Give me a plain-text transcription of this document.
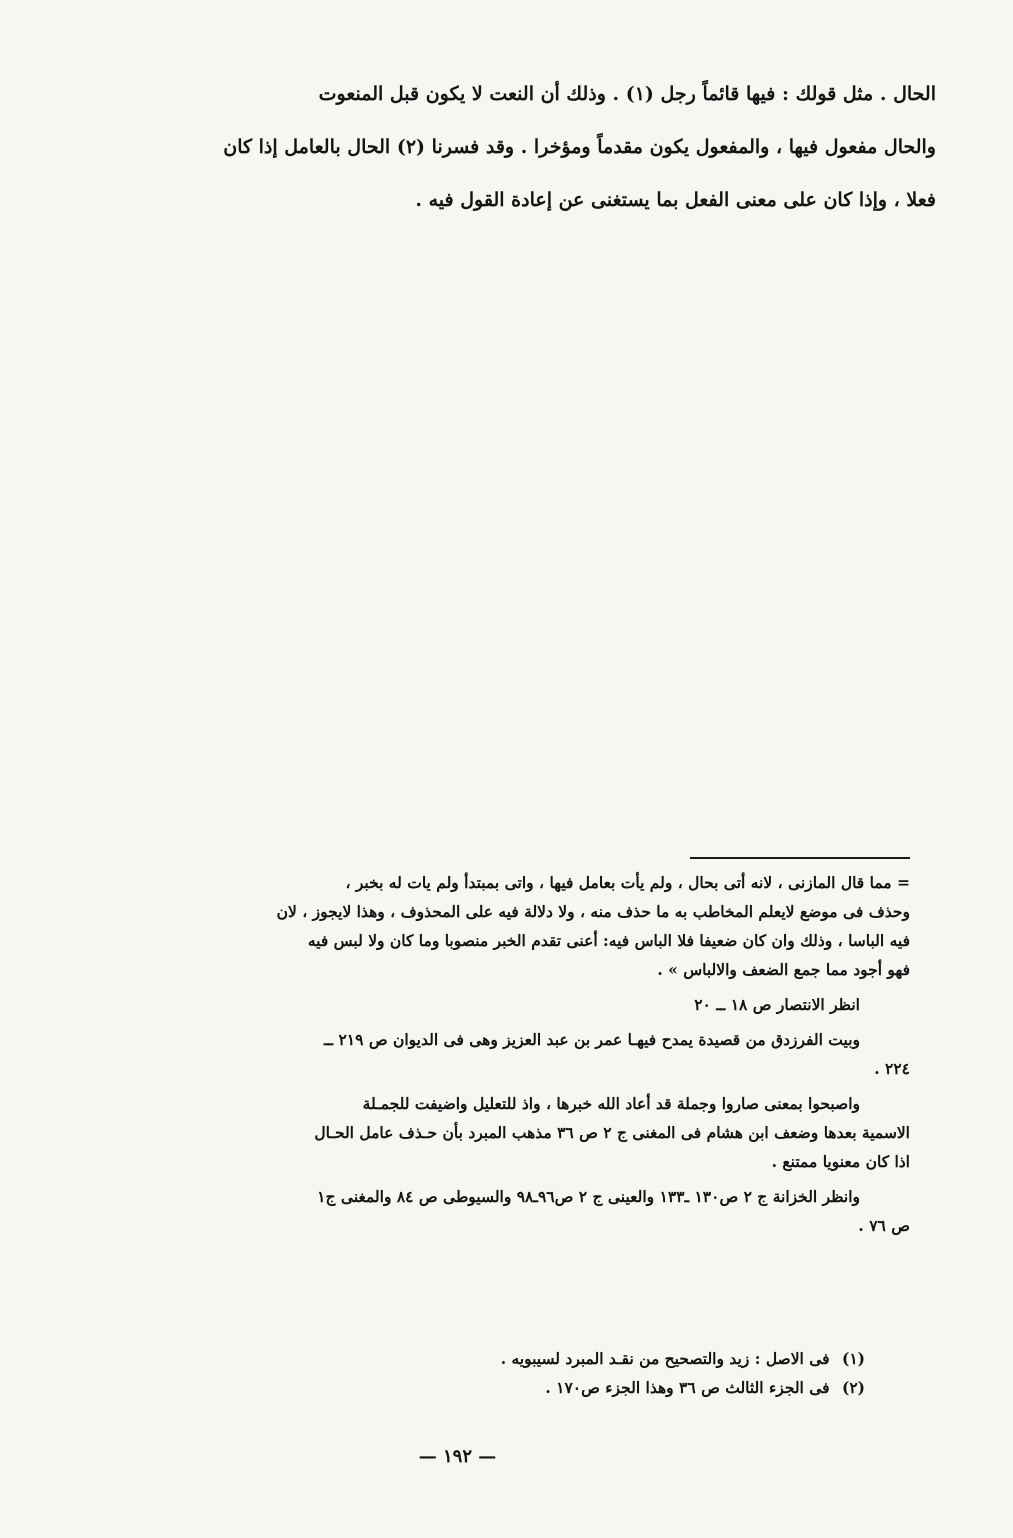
الحال . مثل قولك : فيها قائماً رجل (١) . وذلك أن النعت لا يكون قبل المنعوت
والحال مفعول فيها ، والمفعول يكون مقدماً ومؤخرا . وقد فسرنا (٢) الحال بالعامل إذا كان
فعلا ، وإذا كان على معنى الفعل بما يستغنى عن إعادة القول فيه .
= مما قال المازنى ، لانه أتى بحال ، ولم يأت بعامل فيها ، واتى بمبتدأ ولم يات له بخبر ،
وحذف فى موضع لايعلم المخاطب به ما حذف منه ، ولا دلالة فيه على المحذوف ، وهذا لايجوز ، لان
فيه الباسا ، وذلك وان كان ضعيفا فلا الباس فيه: أعنى تقدم الخبر منصوبا وما كان ولا لبس فيه
فهو أجود مما جمع الضعف والالباس » .
انظر الانتصار ص ١٨ ــ ٢٠
وبيت الفرزدق من قصيدة يمدح فيهـا عمر بن عبد العزيز وهى فى الديوان ص ٢١٩ ــ
٢٢٤ .
واصبحوا بمعنى صاروا وجملة قد أعاد الله خبرها ، واذ للتعليل واضيفت للجمـلة
الاسمية بعدها وضعف ابن هشام فى المغنى ج ٢ ص ٣٦ مذهب المبرد بأن حـذف عامل الحـال
اذا كان معنويا ممتنع .
وانظر الخزانة ج ٢ ص١٣٠ ـ١٣٣ والعينى ج ٢ ص٩٦ـ٩٨ والسيوطى ص ٨٤ والمغنى ج١
ص ٧٦ .
(١) فى الاصل : زيد والتصحيح من نقـد المبرد لسيبويه .
(٢) فى الجزء الثالث ص ٣٦ وهذا الجزء ص١٧٠ .
— ١٩٢ —
